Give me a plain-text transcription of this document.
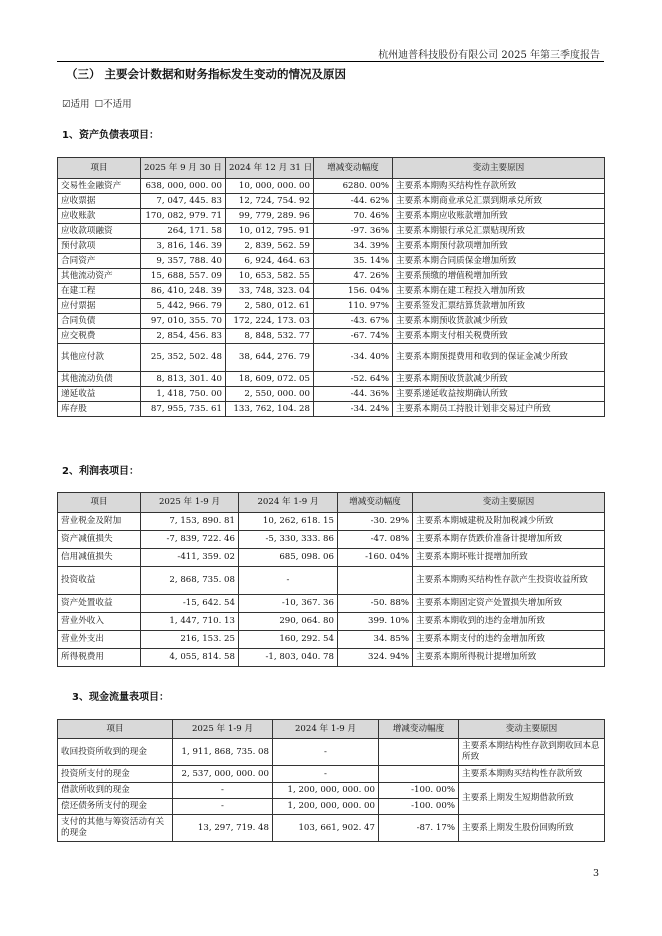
杭州迪普科技股份有限公司 2025 年第三季度报告
（三） 主要会计数据和财务指标发生变动的情况及原因
☑适用 ☐不适用
1、资产负债表项目：
项目	2025 年 9 月 30 日	2024 年 12 月 31 日	增减变动幅度	变动主要原因
交易性金融资产	638, 000, 000. 00	10, 000, 000. 00	6280. 00%	主要系本期购买结构性存款所致
应收票据	7, 047, 445. 83	12, 724, 754. 92	-44. 62%	主要系本期商业承兑汇票到期承兑所致
应收账款	170, 082, 979. 71	99, 779, 289. 96	70. 46%	主要系本期应收账款增加所致
应收款项融资	264, 171. 58	10, 012, 795. 91	-97. 36%	主要系本期银行承兑汇票贴现所致
预付款项	3, 816, 146. 39	2, 839, 562. 59	34. 39%	主要系本期预付款项增加所致
合同资产	9, 357, 788. 40	6, 924, 464. 63	35. 14%	主要系本期合同质保金增加所致
其他流动资产	15, 688, 557. 09	10, 653, 582. 55	47. 26%	主要系预缴的增值税增加所致
在建工程	86, 410, 248. 39	33, 748, 323. 04	156. 04%	主要系本期在建工程投入增加所致
应付票据	5, 442, 966. 79	2, 580, 012. 61	110. 97%	主要系签发汇票结算货款增加所致
合同负债	97, 010, 355. 70	172, 224, 173. 03	-43. 67%	主要系本期预收货款减少所致
应交税费	2, 854, 456. 83	8, 848, 532. 77	-67. 74%	主要系本期支付相关税费所致
其他应付款	25, 352, 502. 48	38, 644, 276. 79	-34. 40%	主要系本期预提费用和收到的保证金减少所致
其他流动负债	8, 813, 301. 40	18, 609, 072. 05	-52. 64%	主要系本期预收货款减少所致
递延收益	1, 418, 750. 00	2, 550, 000. 00	-44. 36%	主要系递延收益按期确认所致
库存股	87, 955, 735. 61	133, 762, 104. 28	-34. 24%	主要系本期员工持股计划非交易过户所致
2、利润表项目：
项目	2025 年 1-9 月	2024 年 1-9 月	增减变动幅度	变动主要原因
营业税金及附加	7, 153, 890. 81	10, 262, 618. 15	-30. 29%	主要系本期城建税及附加税减少所致
资产减值损失	-7, 839, 722. 46	-5, 330, 333. 86	-47. 08%	主要系本期存货跌价准备计提增加所致
信用减值损失	-411, 359. 02	685, 098. 06	-160. 04%	主要系本期坏账计提增加所致
投资收益	2, 868, 735. 08	-		主要系本期购买结构性存款产生投资收益所致
资产处置收益	-15, 642. 54	-10, 367. 36	-50. 88%	主要系本期固定资产处置损失增加所致
营业外收入	1, 447, 710. 13	290, 064. 80	399. 10%	主要系本期收到的违约金增加所致
营业外支出	216, 153. 25	160, 292. 54	34. 85%	主要系本期支付的违约金增加所致
所得税费用	4, 055, 814. 58	-1, 803, 040. 78	324. 94%	主要系本期所得税计提增加所致
3、现金流量表项目：
项目	2025 年 1-9 月	2024 年 1-9 月	增减变动幅度	变动主要原因
收回投资所收到的现金	1, 911, 868, 735. 08	-		主要系本期结构性存款到期收回本息所致
投资所支付的现金	2, 537, 000, 000. 00	-		主要系本期购买结构性存款所致
借款所收到的现金	-	1, 200, 000, 000. 00	-100. 00%	主要系上期发生短期借款所致
偿还债务所支付的现金	-	1, 200, 000, 000. 00	-100. 00%	
支付的其他与筹资活动有关的现金	13, 297, 719. 48	103, 661, 902. 47	-87. 17%	主要系上期发生股份回购所致
3
